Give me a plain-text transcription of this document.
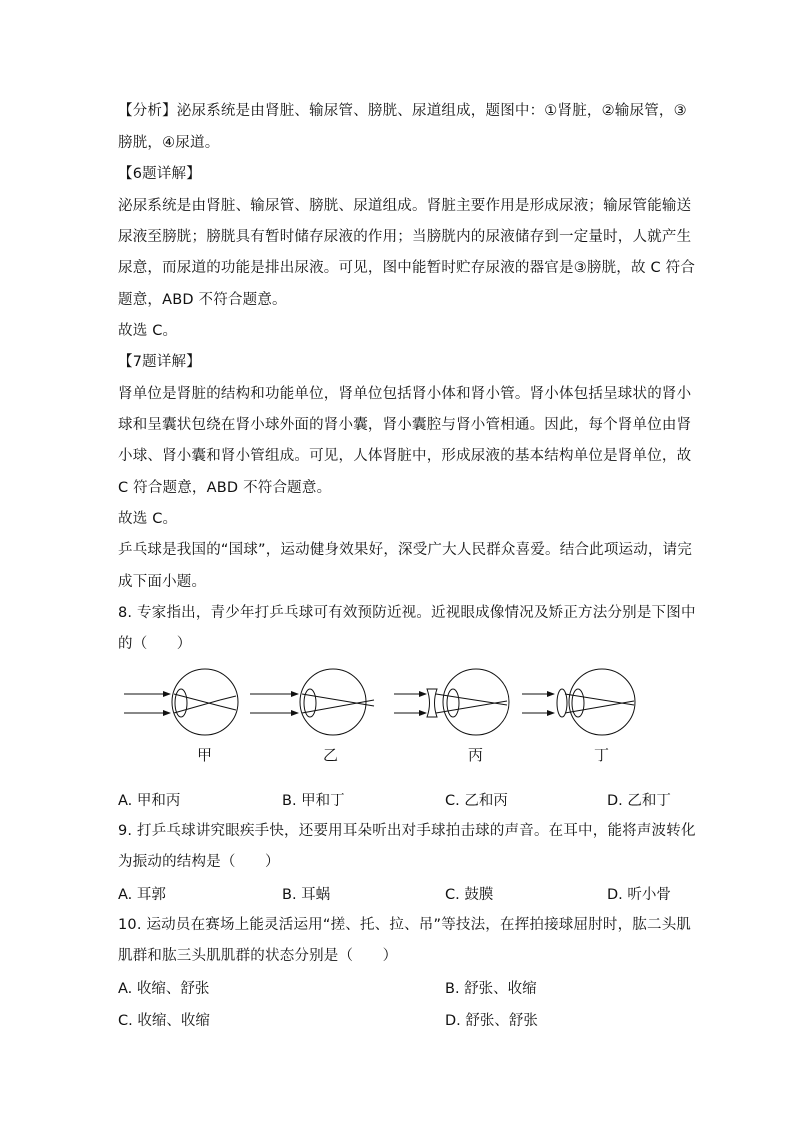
【分析】泌尿系统是由肾脏、输尿管、膀胱、尿道组成，题图中：①肾脏，②输尿管，③
膀胱，④尿道。
【6题详解】
泌尿系统是由肾脏、输尿管、膀胱、尿道组成。肾脏主要作用是形成尿液；输尿管能输送
尿液至膀胱；膀胱具有暂时储存尿液的作用；当膀胱内的尿液储存到一定量时，人就产生
尿意，而尿道的功能是排出尿液。可见，图中能暂时贮存尿液的器官是③膀胱，故 C 符合
题意，ABD 不符合题意。
故选 C。
【7题详解】
肾单位是肾脏的结构和功能单位，肾单位包括肾小体和肾小管。肾小体包括呈球状的肾小
球和呈囊状包绕在肾小球外面的肾小囊，肾小囊腔与肾小管相通。因此，每个肾单位由肾
小球、肾小囊和肾小管组成。可见，人体肾脏中，形成尿液的基本结构单位是肾单位，故
C 符合题意，ABD 不符合题意。
故选 C。
乒乓球是我国的“国球”，运动健身效果好，深受广大人民群众喜爱。结合此项运动，请完
成下面小题。
8. 专家指出，青少年打乒乓球可有效预防近视。近视眼成像情况及矫正方法分别是下图中
的（　　）
甲	乙	丙	丁
A. 甲和丙	B. 甲和丁	C. 乙和丙	D. 乙和丁
9. 打乒乓球讲究眼疾手快，还要用耳朵听出对手球拍击球的声音。在耳中，能将声波转化
为振动的结构是（　　）
A. 耳郭	B. 耳蜗	C. 鼓膜	D. 听小骨
10. 运动员在赛场上能灵活运用“搓、托、拉、吊”等技法，在挥拍接球屈肘时，肱二头肌
肌群和肱三头肌肌群的状态分别是（　　）
A. 收缩、舒张	B. 舒张、收缩
C. 收缩、收缩	D. 舒张、舒张
